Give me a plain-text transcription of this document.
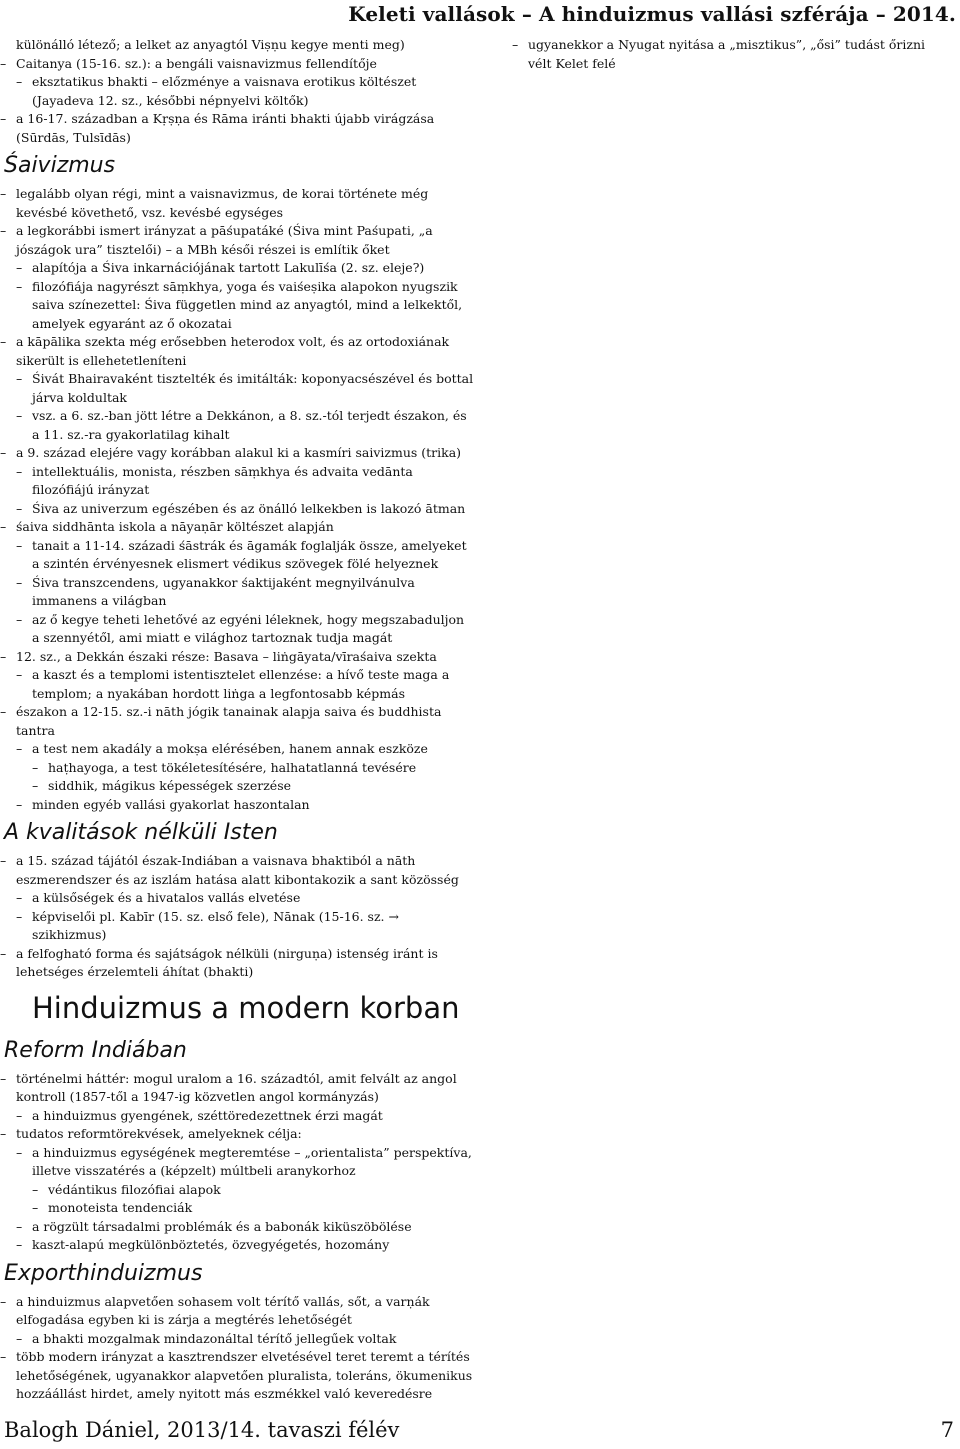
Keleti vallások – A hinduizmus vallási szférája – 2014.

különálló létező; a lelket az anyagtól Viṣṇu kegye menti meg)

– Caitanya (15-16. sz.): a bengáli vaisnavizmus fellendítője

– eksztatikus bhakti – előzménye a vaisnava erotikus költészet (Jayadeva 12. sz., későbbi népnyelvi költők)

– a 16-17. században a Kṛṣṇa és Rāma iránti bhakti újabb virágzása (Sūrdās, Tulsīdās)

Śaivizmus

– legalább olyan régi, mint a vaisnavizmus, de korai története még kevésbé követhető, vsz. kevésbé egységes

– a legkorábbi ismert irányzat a pāśupatáké (Śiva mint Paśupati, „a jószágok ura” tisztelői) – a MBh késői részei is említik őket

– alapítója a Śiva inkarnációjának tartott Lakulīśa (2. sz. eleje?)

– filozófiája nagyrészt sāṃkhya, yoga és vaiśeṣika alapokon nyugszik saiva színezettel: Śiva független mind az anyagtól, mind a lelkektől, amelyek egyaránt az ő okozatai

– a kāpālika szekta még erősebben heterodox volt, és az ortodoxiának sikerült is ellehetetleníteni

– Śivát Bhairavaként tisztelték és imitálták: koponyacsészével és bottal járva koldultak

– vsz. a 6. sz.-ban jött létre a Dekkánon, a 8. sz.-tól terjedt északon, és a 11. sz.-ra gyakorlatilag kihalt

– a 9. század elejére vagy korábban alakul ki a kasmíri saivizmus (trika)

– intellektuális, monista, részben sāṃkhya és advaita vedānta filozófiájú irányzat

– Śiva az univerzum egészében és az önálló lelkekben is lakozó ātman

– śaiva siddhānta iskola a nāyaṇār költészet alapján

– tanait a 11-14. századi śāstrák és āgamák foglalják össze, amelyeket a szintén érvényesnek elismert védikus szövegek fölé helyeznek

– Śiva transzcendens, ugyanakkor śaktijaként megnyilvánulva immanens a világban

– az ő kegye teheti lehetővé az egyéni léleknek, hogy megszabaduljon a szennyétől, ami miatt e világhoz tartoznak tudja magát

– 12. sz., a Dekkán északi része: Basava – liṅgāyata/vīraśaiva szekta

– a kaszt és a templomi istentisztelet ellenzése: a hívő teste maga a templom; a nyakában hordott liṅga a legfontosabb képmás

– északon a 12-15. sz.-i nāth jógik tanainak alapja saiva és buddhista tantra

– a test nem akadály a mokṣa elérésében, hanem annak eszköze

– haṭhayoga, a test tökéletesítésére, halhatatlanná tevésére

– siddhik, mágikus képességek szerzése

– minden egyéb vallási gyakorlat haszontalan

A kvalitások nélküli Isten

– a 15. század tájától észak-Indiában a vaisnava bhaktiból a nāth eszmerendszer és az iszlám hatása alatt kibontakozik a sant közösség

– a külsőségek és a hivatalos vallás elvetése

– képviselői pl. Kabīr (15. sz. első fele), Nānak (15-16. sz. → szikhizmus)

– a felfogható forma és sajátságok nélküli (nirguṇa) istenség iránt is lehetséges érzelemteli áhítat (bhakti)

Hinduizmus a modern korban
Reform Indiában

– történelmi háttér: mogul uralom a 16. századtól, amit felvált az angol kontroll (1857-től a 1947-ig közvetlen angol kormányzás)

– a hinduizmus gyengének, széttöredezettnek érzi magát

– tudatos reformtörekvések, amelyeknek célja:

– a hinduizmus egységének megteremtése – „orientalista” perspektíva, illetve visszatérés a (képzelt) múltbeli aranykorhoz

– védántikus filozófiai alapok

– monoteista tendenciák

– a rögzült társadalmi problémák és a babonák kiküszöbölése

– kaszt-alapú megkülönböztetés, özvegyégetés, hozomány

Exporthinduizmus

– a hinduizmus alapvetően sohasem volt térítő vallás, sőt, a varṇák elfogadása egyben ki is zárja a megtérés lehetőségét

– a bhakti mozgalmak mindazonáltal térítő jellegűek voltak

– több modern irányzat a kasztrendszer elvetésével teret teremt a térítés lehetőségének, ugyanakkor alapvetően pluralista, toleráns, ökumenikus hozzáállást hirdet, amely nyitott más eszmékkel való keveredésre

– ugyanekkor a Nyugat nyitása a „misztikus”, „ősi” tudást őrizni vélt Kelet felé

Balogh Dániel, 2013/14. tavaszi félév	7
